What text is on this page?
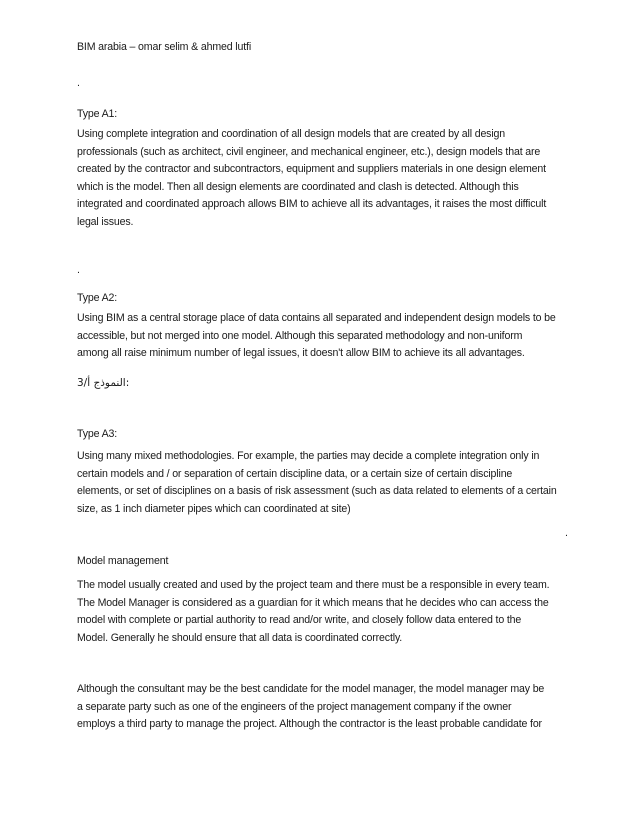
BIM arabia – omar selim & ahmed lutfi
.
Type A1:
Using complete integration and coordination of all design models that are created by all design
professionals (such as architect, civil engineer, and mechanical engineer, etc.), design models that are
created by the contractor and subcontractors, equipment and suppliers materials in one design element
which is the model. Then all design elements are coordinated and clash is detected. Although this
integrated and coordinated approach allows BIM to achieve all its advantages, it raises the most difficult
legal issues.
.
Type A2:
Using BIM as a central storage place of data contains all separated and independent design models to be
accessible, but not merged into one model. Although this separated methodology and non-uniform
among all raise minimum number of legal issues, it doesn't allow BIM to achieve its all advantages.
3/النموذج أ:
Type A3:
Using many mixed methodologies. For example, the parties may decide a complete integration only in
certain models and / or separation of certain discipline data, or a certain size of certain discipline
elements, or set of disciplines on a basis of risk assessment (such as data related to elements of a certain
size, as 1 inch diameter pipes which can coordinated at site)
.
Model management
The model usually created and used by the project team and there must be a responsible in every team.
The Model Manager is considered as a guardian for it which means that he decides who can access the
model with complete or partial authority to read and/or write, and closely follow data entered to the
Model. Generally he should ensure that all data is coordinated correctly.
Although the consultant may be the best candidate for the model manager, the model manager may be
a separate party such as one of the engineers of the project management company if the owner
employs a third party to manage the project. Although the contractor is the least probable candidate for
